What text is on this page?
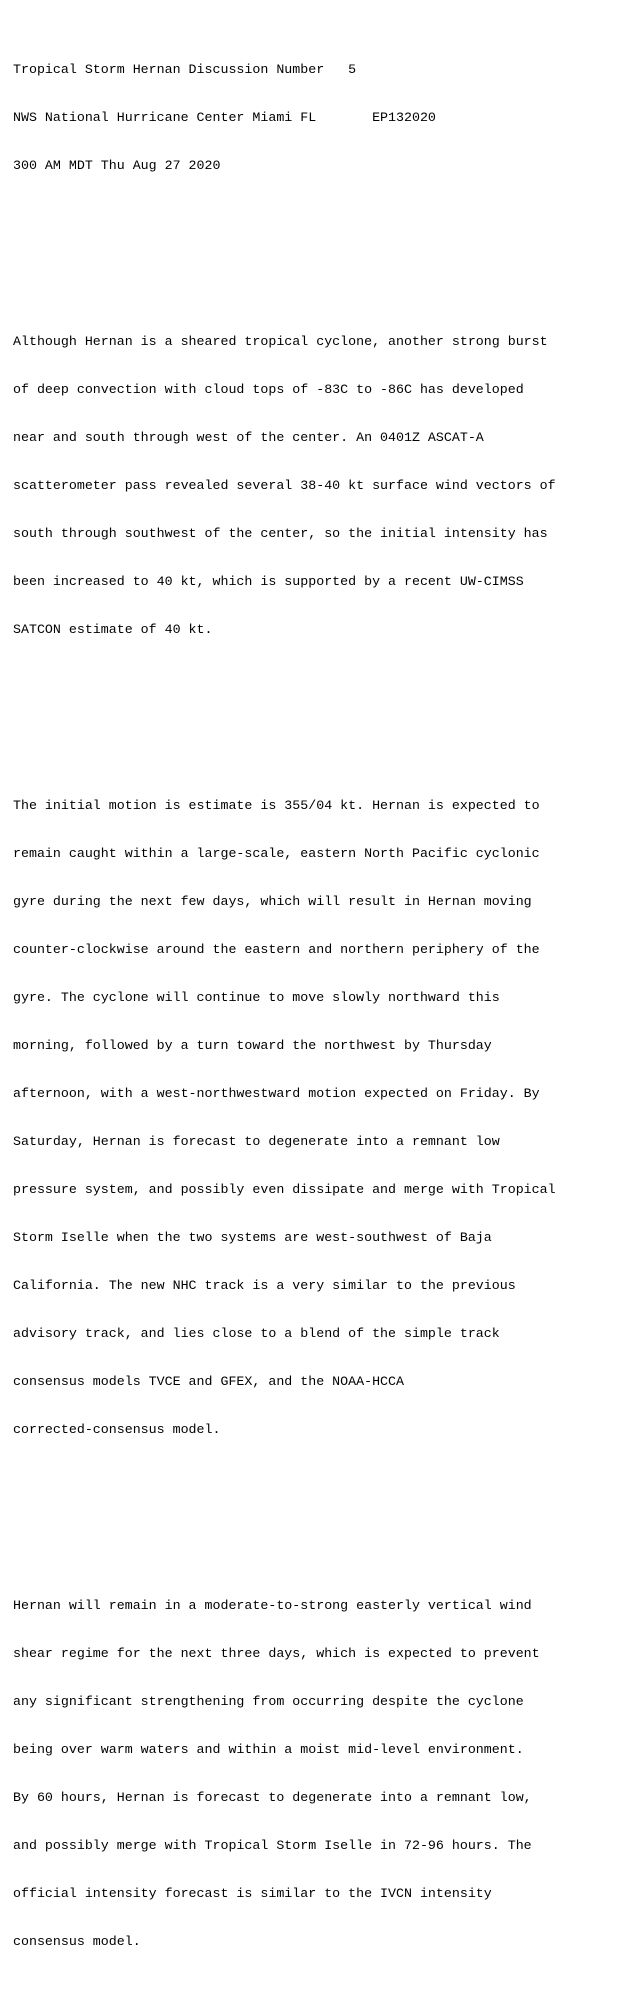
Tropical Storm Hernan Discussion Number   5

NWS National Hurricane Center Miami FL       EP132020

300 AM MDT Thu Aug 27 2020

Although Hernan is a sheared tropical cyclone, another strong burst

of deep convection with cloud tops of -83C to -86C has developed

near and south through west of the center. An 0401Z ASCAT-A

scatterometer pass revealed several 38-40 kt surface wind vectors of

south through southwest of the center, so the initial intensity has

been increased to 40 kt, which is supported by a recent UW-CIMSS

SATCON estimate of 40 kt.

The initial motion is estimate is 355/04 kt. Hernan is expected to

remain caught within a large-scale, eastern North Pacific cyclonic

gyre during the next few days, which will result in Hernan moving

counter-clockwise around the eastern and northern periphery of the

gyre. The cyclone will continue to move slowly northward this

morning, followed by a turn toward the northwest by Thursday

afternoon, with a west-northwestward motion expected on Friday. By

Saturday, Hernan is forecast to degenerate into a remnant low

pressure system, and possibly even dissipate and merge with Tropical

Storm Iselle when the two systems are west-southwest of Baja

California. The new NHC track is a very similar to the previous

advisory track, and lies close to a blend of the simple track

consensus models TVCE and GFEX, and the NOAA-HCCA

corrected-consensus model.

Hernan will remain in a moderate-to-strong easterly vertical wind

shear regime for the next three days, which is expected to prevent

any significant strengthening from occurring despite the cyclone

being over warm waters and within a moist mid-level environment.

By 60 hours, Hernan is forecast to degenerate into a remnant low,

and possibly merge with Tropical Storm Iselle in 72-96 hours. The

official intensity forecast is similar to the IVCN intensity

consensus model.
